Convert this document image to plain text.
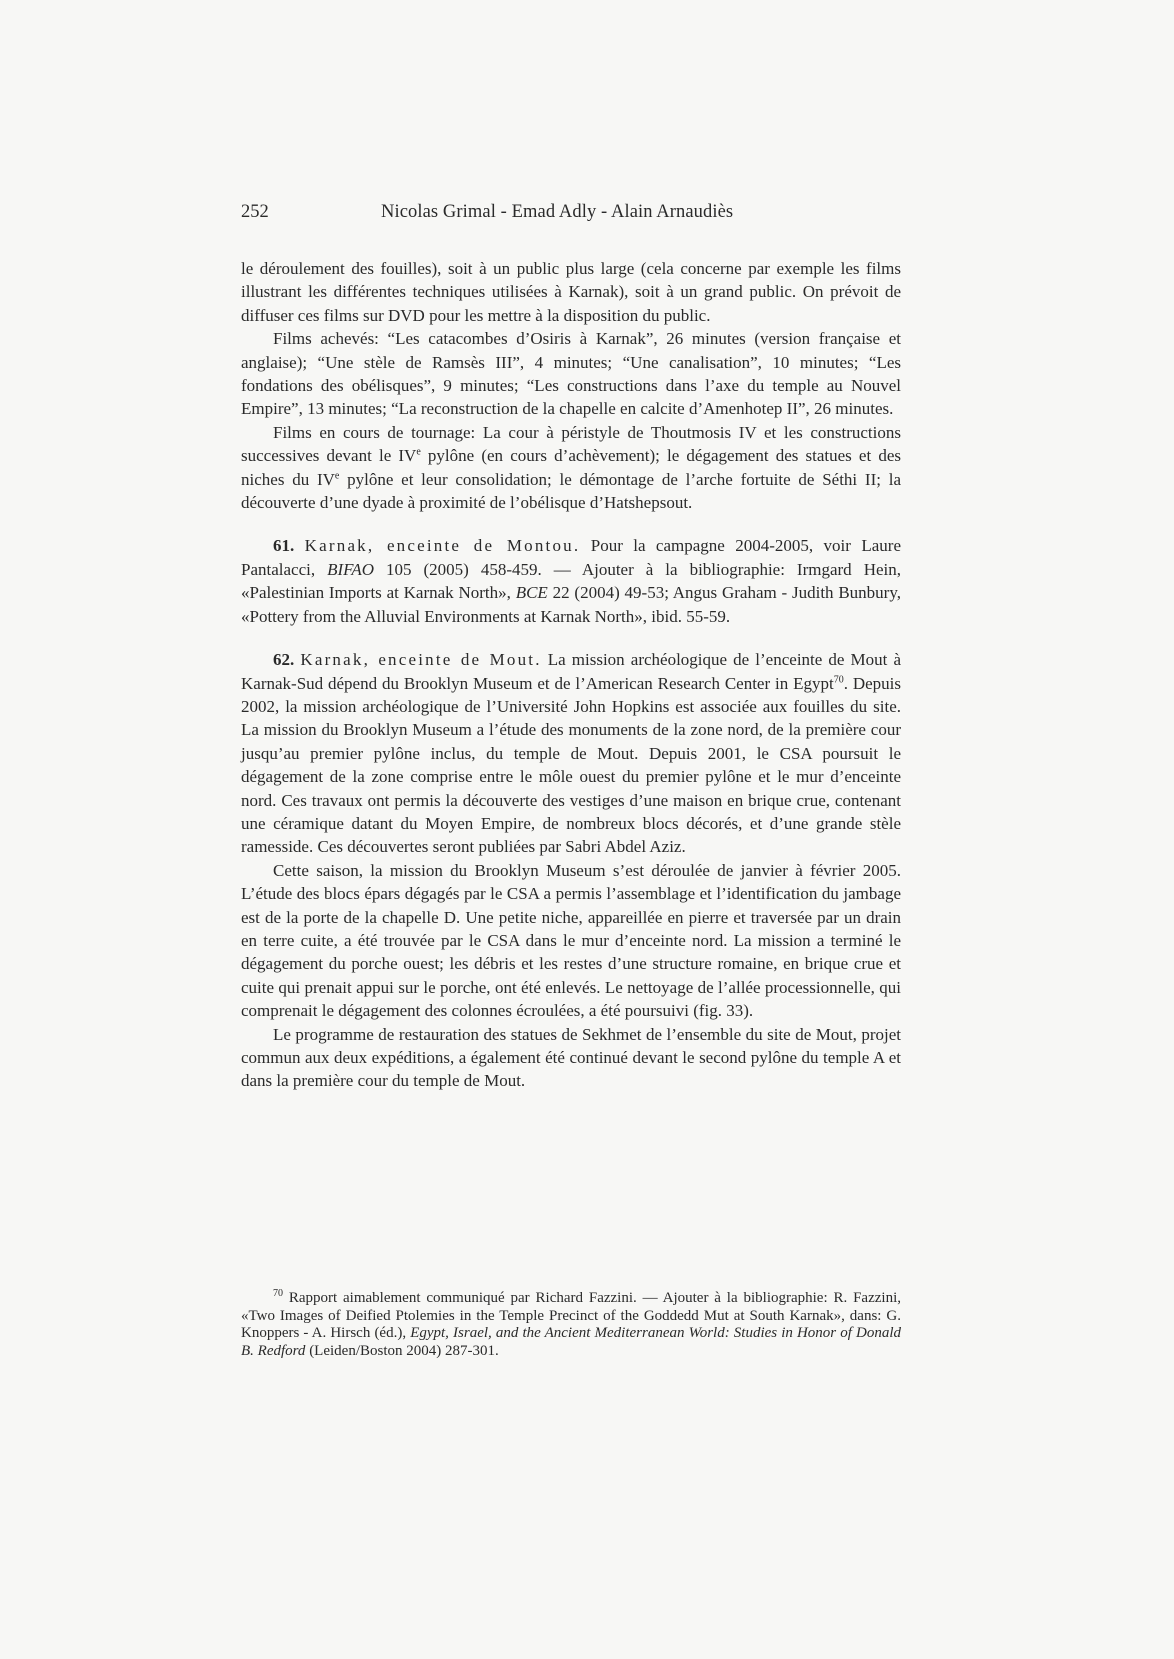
252	Nicolas Grimal - Emad Adly - Alain Arnaudiès

le déroulement des fouilles), soit à un public plus large (cela concerne par exemple les films illustrant les différentes techniques utilisées à Karnak), soit à un grand public. On prévoit de diffuser ces films sur DVD pour les mettre à la disposition du public.

Films achevés: “Les catacombes d’Osiris à Karnak”, 26 minutes (version française et anglaise); “Une stèle de Ramsès III”, 4 minutes; “Une canalisation”, 10 minutes; “Les fondations des obélisques”, 9 minutes; “Les constructions dans l’axe du temple au Nouvel Empire”, 13 minutes; “La reconstruction de la chapelle en calcite d’Amenhotep II”, 26 minutes.

Films en cours de tournage: La cour à péristyle de Thoutmosis IV et les constructions successives devant le IVe pylône (en cours d’achèvement); le dégagement des statues et des niches du IVe pylône et leur consolidation; le démontage de l’arche fortuite de Séthi II; la découverte d’une dyade à proximité de l’obélisque d’Hatshepsout.

61. Karnak, enceinte de Montou. Pour la campagne 2004-2005, voir Laure Pantalacci, BIFAO 105 (2005) 458-459. — Ajouter à la bibliographie: Irmgard Hein, «Palestinian Imports at Karnak North», BCE 22 (2004) 49-53; Angus Graham - Judith Bunbury, «Pottery from the Alluvial Environments at Karnak North», ibid. 55-59.

62. Karnak, enceinte de Mout. La mission archéologique de l’enceinte de Mout à Karnak-Sud dépend du Brooklyn Museum et de l’American Research Center in Egypt$^{70}$. Depuis 2002, la mission archéologique de l’Université John Hopkins est associée aux fouilles du site. La mission du Brooklyn Museum a l’étude des monuments de la zone nord, de la première cour jusqu’au premier pylône inclus, du temple de Mout. Depuis 2001, le CSA poursuit le dégagement de la zone comprise entre le môle ouest du premier pylône et le mur d’enceinte nord. Ces travaux ont permis la découverte des vestiges d’une maison en brique crue, contenant une céramique datant du Moyen Empire, de nombreux blocs décorés, et d’une grande stèle ramesside. Ces découvertes seront publiées par Sabri Abdel Aziz.

Cette saison, la mission du Brooklyn Museum s’est déroulée de janvier à février 2005. L’étude des blocs épars dégagés par le CSA a permis l’assemblage et l’identification du jambage est de la porte de la chapelle D. Une petite niche, appareillée en pierre et traversée par un drain en terre cuite, a été trouvée par le CSA dans le mur d’enceinte nord. La mission a terminé le dégagement du porche ouest; les débris et les restes d’une structure romaine, en brique crue et cuite qui prenait appui sur le porche, ont été enlevés. Le nettoyage de l’allée processionnelle, qui comprenait le dégagement des colonnes écroulées, a été poursuivi (fig. 33).

Le programme de restauration des statues de Sekhmet de l’ensemble du site de Mout, projet commun aux deux expéditions, a également été continué devant le second pylône du temple A et dans la première cour du temple de Mout.

$^{70}$ Rapport aimablement communiqué par Richard Fazzini. — Ajouter à la bibliographie: R. Fazzini, «Two Images of Deified Ptolemies in the Temple Precinct of the Goddedd Mut at South Karnak», dans: G. Knoppers - A. Hirsch (éd.), Egypt, Israel, and the Ancient Mediterranean World: Studies in Honor of Donald B. Redford (Leiden/Boston 2004) 287-301.
